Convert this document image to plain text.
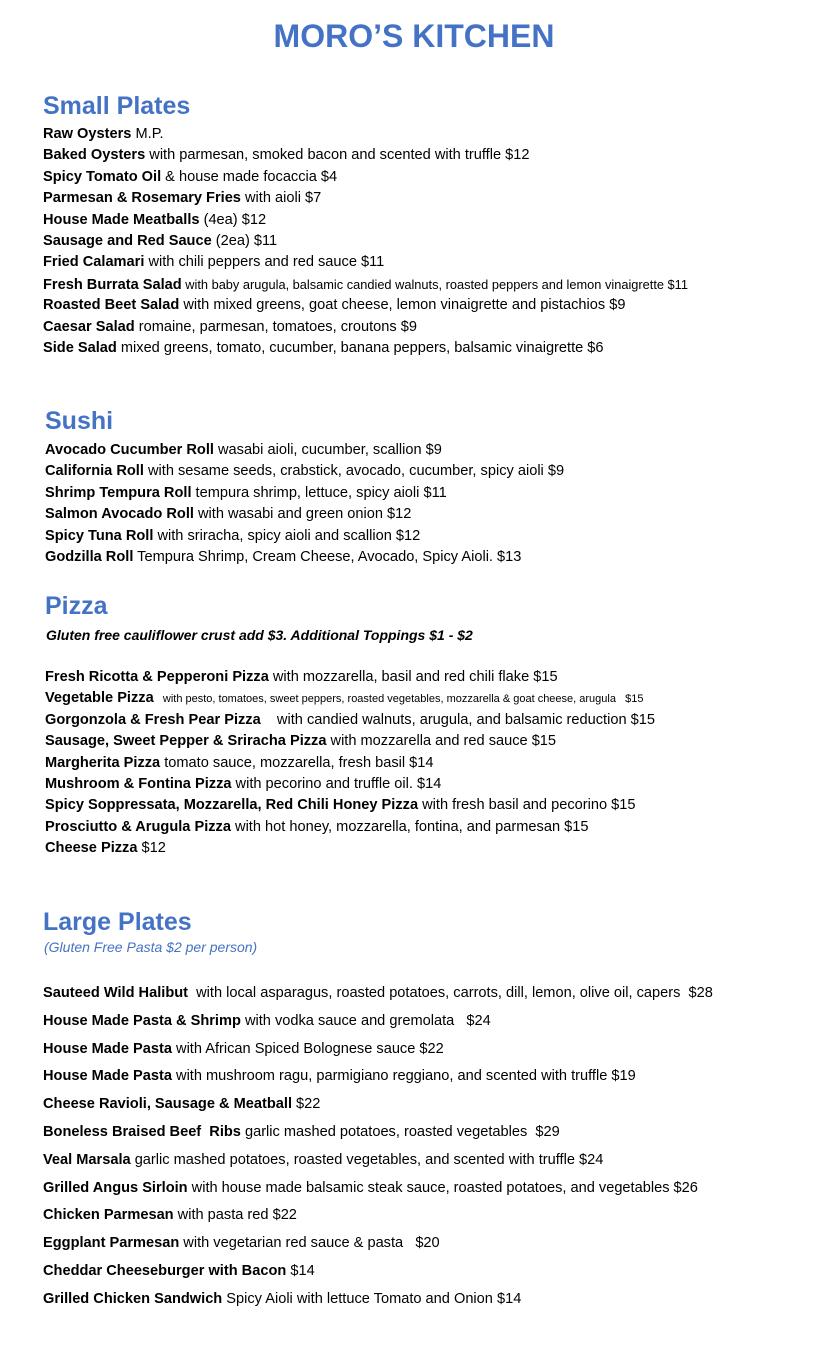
MORO’S KITCHEN
Small Plates
Raw Oysters M.P.
Baked Oysters with parmesan, smoked bacon and scented with truffle $12
Spicy Tomato Oil & house made focaccia $4
Parmesan & Rosemary Fries with aioli $7
House Made Meatballs (4ea) $12
Sausage and Red Sauce (2ea) $11
Fried Calamari with chili peppers and red sauce $11
Fresh Burrata Salad with baby arugula, balsamic candied walnuts, roasted peppers and lemon vinaigrette $11
Roasted Beet Salad with mixed greens, goat cheese, lemon vinaigrette and pistachios $9
Caesar Salad romaine, parmesan, tomatoes, croutons $9
Side Salad mixed greens, tomato, cucumber, banana peppers, balsamic vinaigrette $6
Sushi
Avocado Cucumber Roll wasabi aioli, cucumber, scallion $9
California Roll with sesame seeds, crabstick, avocado, cucumber, spicy aioli $9
Shrimp Tempura Roll tempura shrimp, lettuce, spicy aioli $11
Salmon Avocado Roll with wasabi and green onion $12
Spicy Tuna Roll with sriracha, spicy aioli and scallion $12
Godzilla Roll Tempura Shrimp, Cream Cheese, Avocado, Spicy Aioli. $13
Pizza

Gluten free cauliflower crust add $3. Additional Toppings $1 - $2

Fresh Ricotta & Pepperoni Pizza with mozzarella, basil and red chili flake $15
Vegetable Pizza   with pesto, tomatoes, sweet peppers, roasted vegetables, mozzarella & goat cheese, arugula   $15
Gorgonzola & Fresh Pear Pizza    with candied walnuts, arugula, and balsamic reduction $15
Sausage, Sweet Pepper & Sriracha Pizza with mozzarella and red sauce $15
Margherita Pizza tomato sauce, mozzarella, fresh basil $14
Mushroom & Fontina Pizza with pecorino and truffle oil. $14
Spicy Soppressata, Mozzarella, Red Chili Honey Pizza with fresh basil and pecorino $15
Prosciutto & Arugula Pizza with hot honey, mozzarella, fontina, and parmesan $15
Cheese Pizza $12
Large Plates

(Gluten Free Pasta $2 per person)

Sauteed Wild Halibut  with local asparagus, roasted potatoes, carrots, dill, lemon, olive oil, capers  $28
House Made Pasta & Shrimp with vodka sauce and gremolata   $24
House Made Pasta with African Spiced Bolognese sauce $22
House Made Pasta with mushroom ragu, parmigiano reggiano, and scented with truffle $19
Cheese Ravioli, Sausage & Meatball $22
Boneless Braised Beef  Ribs garlic mashed potatoes, roasted vegetables  $29
Veal Marsala garlic mashed potatoes, roasted vegetables, and scented with truffle $24
Grilled Angus Sirloin with house made balsamic steak sauce, roasted potatoes, and vegetables $26
Chicken Parmesan with pasta red $22
Eggplant Parmesan with vegetarian red sauce & pasta   $20
Cheddar Cheeseburger with Bacon $14
Grilled Chicken Sandwich Spicy Aioli with lettuce Tomato and Onion $14
